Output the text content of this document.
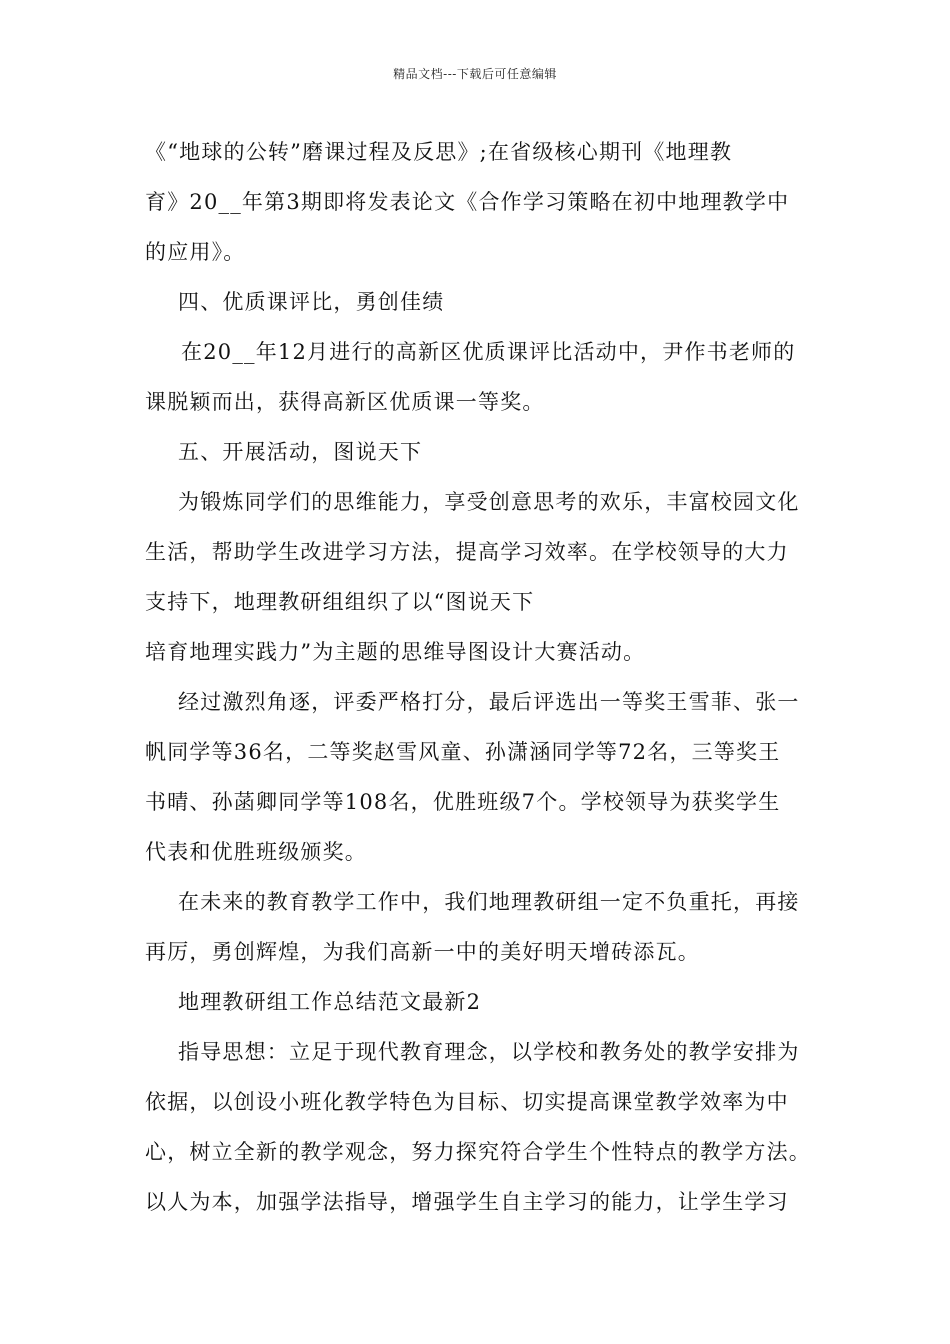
精品文档---下载后可任意编辑
《“地球的公转”磨课过程及反思》;在省级核心期刊《地理教
育》20__年第3期即将发表论文《合作学习策略在初中地理教学中
的应用》。
四、优质课评比，勇创佳绩
在20__年12月进行的高新区优质课评比活动中，尹作书老师的
课脱颖而出，获得高新区优质课一等奖。
五、开展活动，图说天下
为锻炼同学们的思维能力，享受创意思考的欢乐，丰富校园文化
生活，帮助学生改进学习方法，提高学习效率。在学校领导的大力
支持下，地理教研组组织了以“图说天下
培育地理实践力”为主题的思维导图设计大赛活动。
经过激烈角逐，评委严格打分，最后评选出一等奖王雪菲、张一
帆同学等36名，二等奖赵雪风童、孙潇涵同学等72名，三等奖王
书晴、孙菡卿同学等108名，优胜班级7个。学校领导为获奖学生
代表和优胜班级颁奖。
在未来的教育教学工作中，我们地理教研组一定不负重托，再接
再厉，勇创辉煌，为我们高新一中的美好明天增砖添瓦。
地理教研组工作总结范文最新2
指导思想：立足于现代教育理念，以学校和教务处的教学安排为
依据，以创设小班化教学特色为目标、切实提高课堂教学效率为中
心，树立全新的教学观念，努力探究符合学生个性特点的教学方法。
以人为本，加强学法指导，增强学生自主学习的能力，让学生学习
